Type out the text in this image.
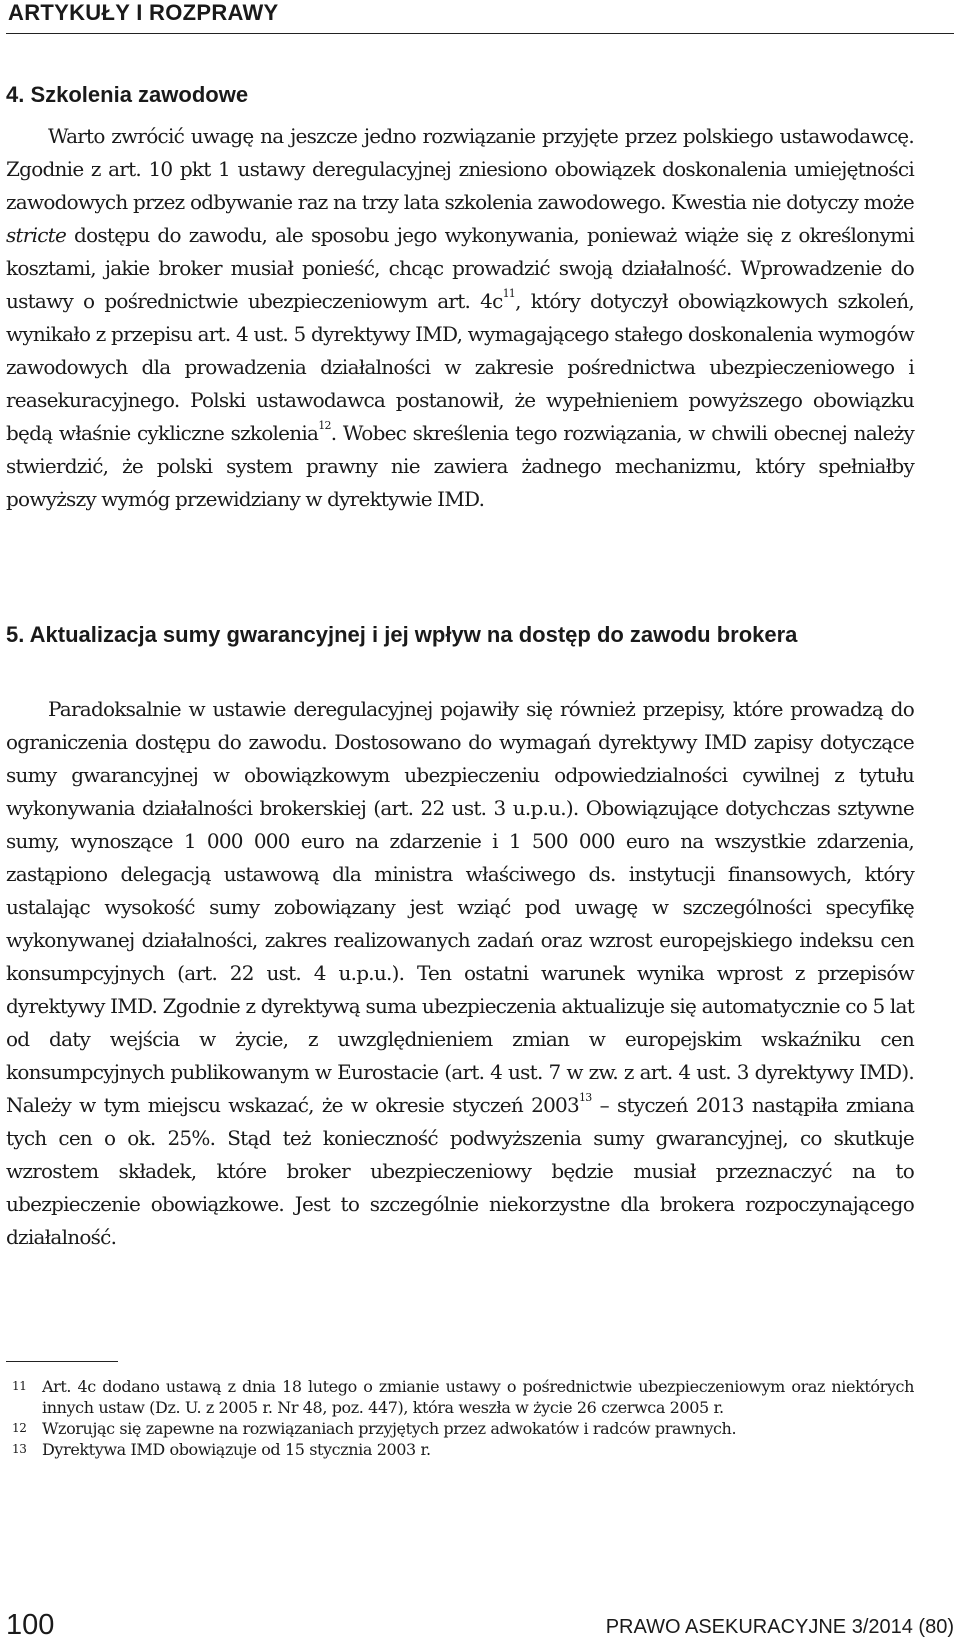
ARTYKUŁY I ROZPRAWY
4. Szkolenia zawodowe

Warto zwrócić uwagę na jeszcze jedno rozwiązanie przyjęte przez polskiego ustawodawcę. Zgodnie z art. 10 pkt 1 ustawy deregulacyjnej zniesiono obowiązek doskonalenia umiejętności zawodowych przez odbywanie raz na trzy lata szkolenia zawodowego. Kwestia nie dotyczy może stricte dostępu do zawodu, ale sposobu jego wykonywania, ponieważ wiąże się z określonymi kosztami, jakie broker musiał ponieść, chcąc prowadzić swoją działalność. Wprowadzenie do ustawy o pośrednictwie ubezpieczeniowym art. $4c^{11}$, który dotyczył obowiązkowych szkoleń, wynikało z przepisu art. 4 ust. 5 dyrektywy IMD, wymagającego stałego doskonalenia wymogów zawodowych dla prowadzenia działalności w zakresie pośrednictwa ubezpieczeniowego i reasekuracyjnego. Polski ustawodawca postanowił, że wypełnieniem powyższego obowiązku będą właśnie cykliczne szkolenia$^{12}$. Wobec skreślenia tego rozwiązania, w chwili obecnej należy stwierdzić, że polski system prawny nie zawiera żadnego mechanizmu, który spełniałby powyższy wymóg przewidziany w dyrektywie IMD.

5. Aktualizacja sumy gwarancyjnej i jej wpływ na dostęp do zawodu brokera

Paradoksalnie w ustawie deregulacyjnej pojawiły się również przepisy, które prowadzą do ograniczenia dostępu do zawodu. Dostosowano do wymagań dyrektywy IMD zapisy dotyczące sumy gwarancyjnej w obowiązkowym ubezpieczeniu odpowiedzialności cywilnej z tytułu wykonywania działalności brokerskiej (art. 22 ust. 3 u.p.u.). Obowiązujące dotychczas sztywne sumy, wynoszące 1 000 000 euro na zdarzenie i 1 500 000 euro na wszystkie zdarzenia, zastąpiono delegacją ustawową dla ministra właściwego ds. instytucji finansowych, który ustalając wysokość sumy zobowiązany jest wziąć pod uwagę w szczególności specyfikę wykonywanej działalności, zakres realizowanych zadań oraz wzrost europejskiego indeksu cen konsumpcyjnych (art. 22 ust. 4 u.p.u.). Ten ostatni warunek wynika wprost z przepisów dyrektywy IMD. Zgodnie z dyrektywą suma ubezpieczenia aktualizuje się automatycznie co 5 lat od daty wejścia w życie, z uwzględnieniem zmian w europejskim wskaźniku cen konsumpcyjnych publikowanym w Eurostacie (art. 4 ust. 7 w zw. z art. 4 ust. 3 dyrektywy IMD). Należy w tym miejscu wskazać, że w okresie styczeń 2003$^{13}$ – styczeń 2013 nastąpiła zmiana tych cen o ok. 25%. Stąd też konieczność podwyższenia sumy gwarancyjnej, co skutkuje wzrostem składek, które broker ubezpieczeniowy będzie musiał przeznaczyć na to ubezpieczenie obowiązkowe. Jest to szczególnie niekorzystne dla brokera rozpoczynającego działalność.

11 Art. 4c dodano ustawą z dnia 18 lutego o zmianie ustawy o pośrednictwie ubezpieczeniowym oraz niektórych innych ustaw (Dz. U. z 2005 r. Nr 48, poz. 447), która weszła w życie 26 czerwca 2005 r.
12 Wzorując się zapewne na rozwiązaniach przyjętych przez adwokatów i radców prawnych.
13 Dyrektywa IMD obowiązuje od 15 stycznia 2003 r.
100	PRAWO ASEKURACYJNE 3/2014 (80)
